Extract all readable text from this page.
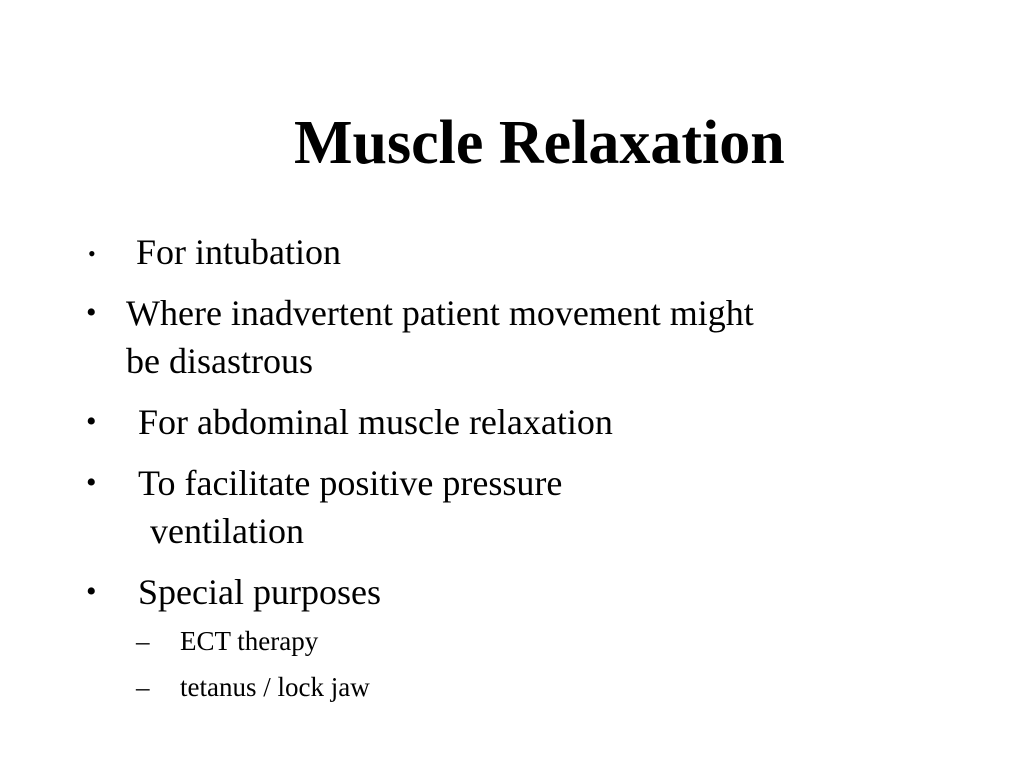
Muscle Relaxation
• For intubation
• Where inadvertent patient movement might
be disastrous
• For abdominal muscle relaxation
• To facilitate positive pressure
ventilation
• Special purposes
– ECT therapy
– tetanus / lock jaw
